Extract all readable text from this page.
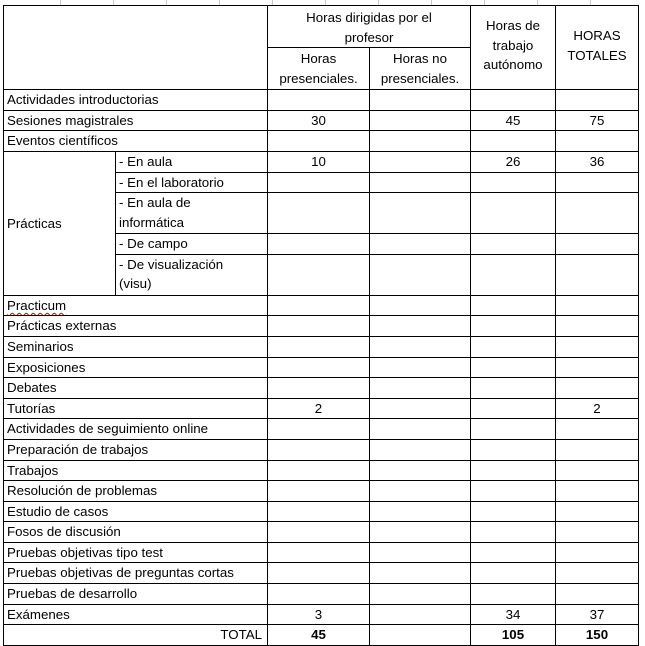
		Horas dirigidas por el profesor		Horas de trabajo autónomo	HORAS TOTALES
		Horas presenciales.	Horas no presenciales.		
Actividades introductorias					
Sesiones magistrales		30		45	75
Eventos científicos					
Prácticas	- En aula	10		26	36
	- En el laboratorio				
	- En aula de informática				
	- De campo				
	- De visualización (visu)				
Practicum					
Prácticas externas					
Seminarios					
Exposiciones					
Debates					
Tutorías		2			2
Actividades de seguimiento online					
Preparación de trabajos					
Trabajos					
Resolución de problemas					
Estudio de casos					
Fosos de discusión					
Pruebas objetivas tipo test					
Pruebas objetivas de preguntas cortas					
Pruebas de desarrollo					
Exámenes		3		34	37
TOTAL		45		105	150
